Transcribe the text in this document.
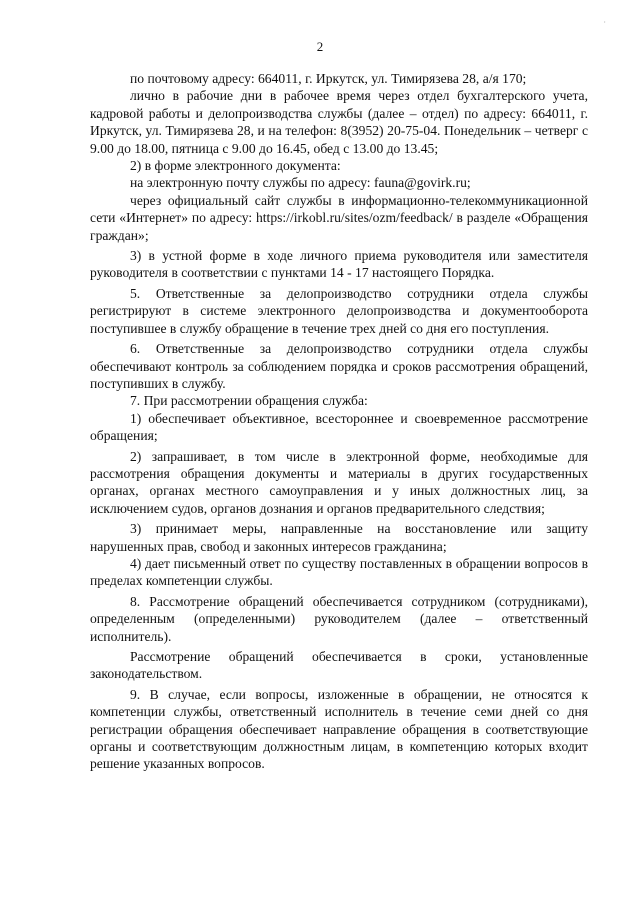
·
2

по почтовому адресу: 664011, г. Иркутск, ул. Тимирязева 28, а/я 170;

лично в рабочие дни в рабочее время через отдел бухгалтерского учета, кадровой работы и делопроизводства службы (далее – отдел) по адресу: 664011, г. Иркутск, ул. Тимирязева 28, и на телефон: 8(3952) 20-75-04. Понедельник – четверг с 9.00 до 18.00, пятница с 9.00 до 16.45, обед с 13.00 до 13.45;

2) в форме электронного документа:

на электронную почту службы по адресу: fauna@govirk.ru;

через официальный сайт службы в информационно-телекоммуникационной сети «Интернет» по адресу: https://irkobl.ru/sites/ozm/feedback/ в разделе «Обращения граждан»;

3) в устной форме в ходе личного приема руководителя или заместителя руководителя в соответствии с пунктами 14 - 17 настоящего Порядка.

5. Ответственные за делопроизводство сотрудники отдела службы регистрируют в системе электронного делопроизводства и документооборота поступившее в службу обращение в течение трех дней со дня его поступления.

6. Ответственные за делопроизводство сотрудники отдела службы обеспечивают контроль за соблюдением порядка и сроков рассмотрения обращений, поступивших в службу.

7. При рассмотрении обращения служба:

1) обеспечивает объективное, всестороннее и своевременное рассмотрение обращения;

2) запрашивает, в том числе в электронной форме, необходимые для рассмотрения обращения документы и материалы в других государственных органах, органах местного самоуправления и у иных должностных лиц, за исключением судов, органов дознания и органов предварительного следствия;

3) принимает меры, направленные на восстановление или защиту нарушенных прав, свобод и законных интересов гражданина;

4) дает письменный ответ по существу поставленных в обращении вопросов в пределах компетенции службы.

8. Рассмотрение обращений обеспечивается сотрудником (сотрудниками), определенным (определенными) руководителем (далее – ответственный исполнитель).

Рассмотрение обращений обеспечивается в сроки, установленные законодательством.

9. В случае, если вопросы, изложенные в обращении, не относятся к компетенции службы, ответственный исполнитель в течение семи дней со дня регистрации обращения обеспечивает направление обращения в соответствующие органы и соответствующим должностным лицам, в компетенцию которых входит решение указанных вопросов.
